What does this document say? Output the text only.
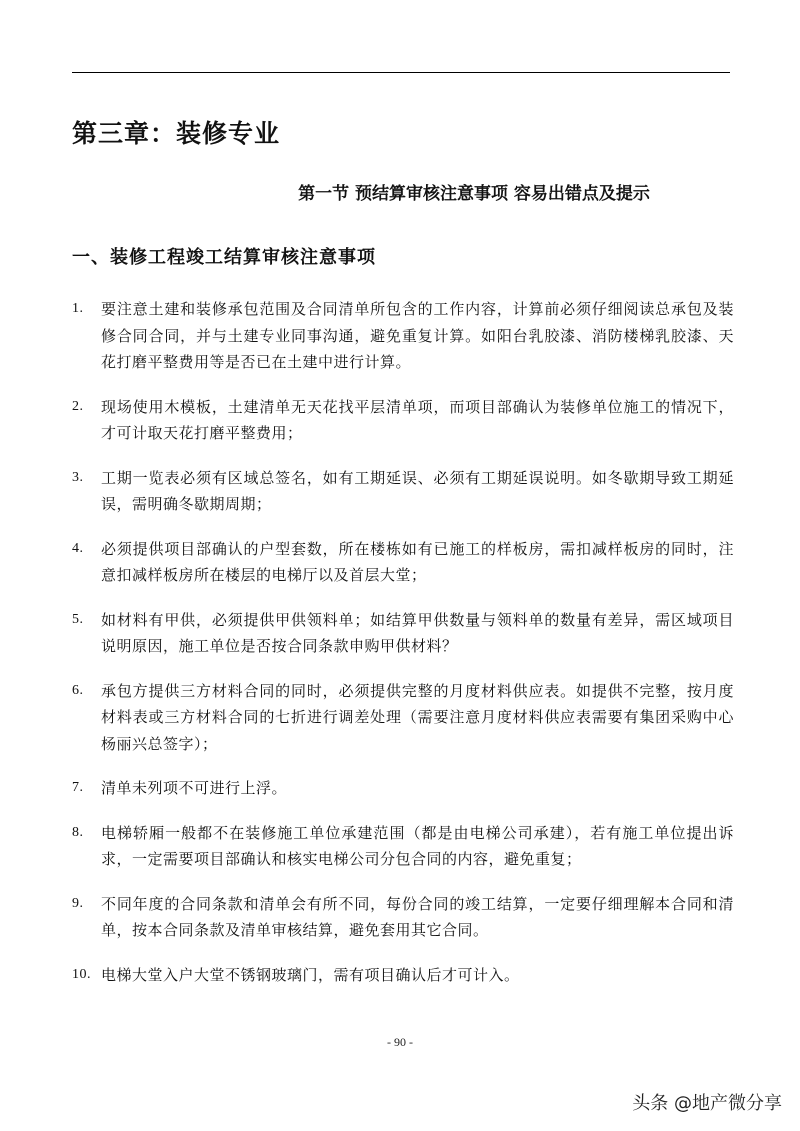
第三章：装修专业
第一节 预结算审核注意事项 容易出错点及提示
一、装修工程竣工结算审核注意事项
1. 要注意土建和装修承包范围及合同清单所包含的工作内容，计算前必须仔细阅读总承包及装修合同合同，并与土建专业同事沟通，避免重复计算。如阳台乳胶漆、消防楼梯乳胶漆、天花打磨平整费用等是否已在土建中进行计算。
2. 现场使用木模板，土建清单无天花找平层清单项，而项目部确认为装修单位施工的情况下，才可计取天花打磨平整费用；
3. 工期一览表必须有区域总签名，如有工期延误、必须有工期延误说明。如冬歇期导致工期延误，需明确冬歇期周期；
4. 必须提供项目部确认的户型套数，所在楼栋如有已施工的样板房，需扣减样板房的同时，注意扣减样板房所在楼层的电梯厅以及首层大堂；
5. 如材料有甲供，必须提供甲供领料单；如结算甲供数量与领料单的数量有差异，需区域项目说明原因，施工单位是否按合同条款申购甲供材料？
6. 承包方提供三方材料合同的同时，必须提供完整的月度材料供应表。如提供不完整，按月度材料表或三方材料合同的七折进行调差处理（需要注意月度材料供应表需要有集团采购中心杨丽兴总签字）；
7. 清单未列项不可进行上浮。
8. 电梯轿厢一般都不在装修施工单位承建范围（都是由电梯公司承建），若有施工单位提出诉求，一定需要项目部确认和核实电梯公司分包合同的内容，避免重复；
9. 不同年度的合同条款和清单会有所不同，每份合同的竣工结算，一定要仔细理解本合同和清单，按本合同条款及清单审核结算，避免套用其它合同。
10. 电梯大堂入户大堂不锈钢玻璃门，需有项目确认后才可计入。
- 90 -
头条 @地产微分享
